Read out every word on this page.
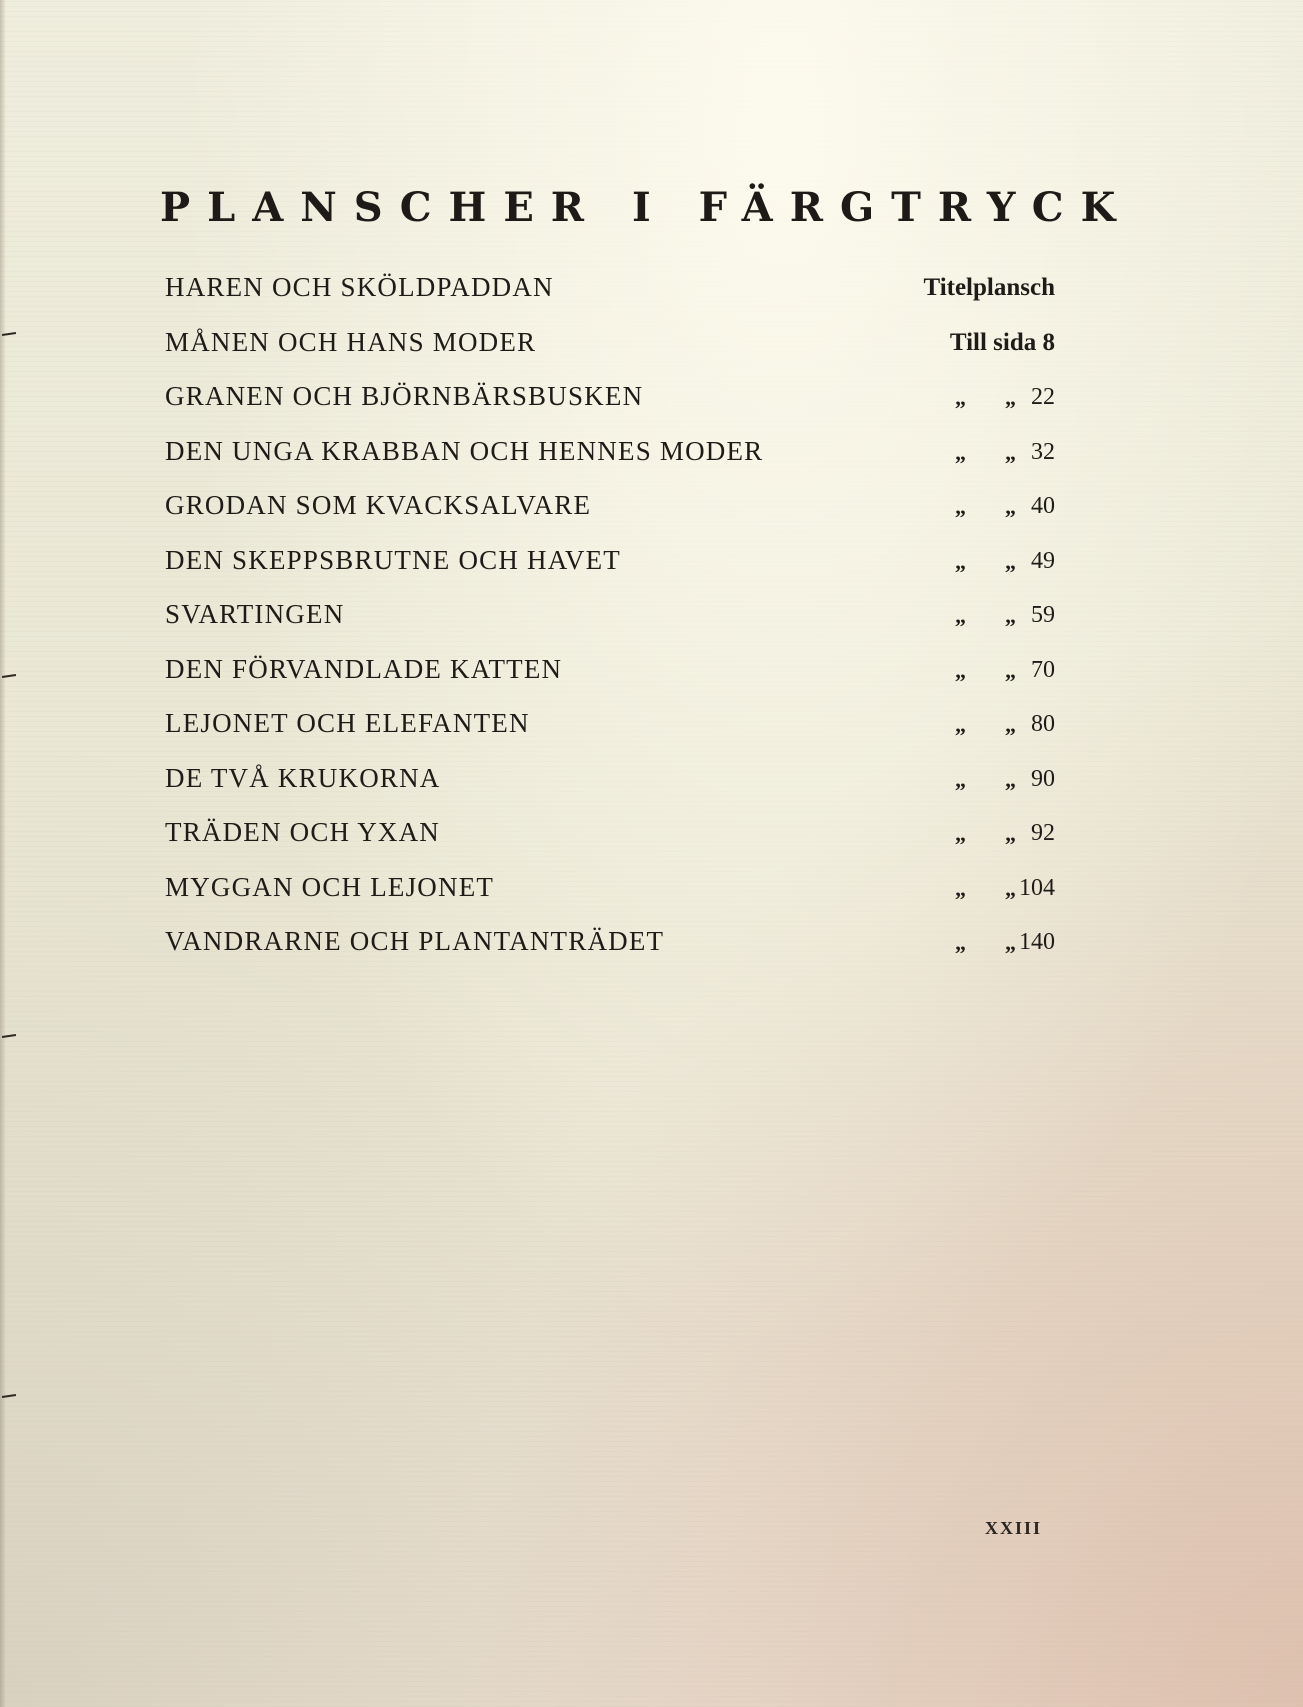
PLANSCHER I FÄRGTRYCK
HAREN OCH SKÖLDPADDAN	Titelplansch
MÅNEN OCH HANS MODER	Till sida 8
GRANEN OCH BJÖRNBÄRSBUSKEN	„ „ 22
DEN UNGA KRABBAN OCH HENNES MODER	„ „ 32
GRODAN SOM KVACKSALVARE	„ „ 40
DEN SKEPPSBRUTNE OCH HAVET	„ „ 49
SVARTINGEN	„ „ 59
DEN FÖRVANDLADE KATTEN	„ „ 70
LEJONET OCH ELEFANTEN	„ „ 80
DE TVÅ KRUKORNA	„ „ 90
TRÄDEN OCH YXAN	„ „ 92
MYGGAN OCH LEJONET	„ „ 104
VANDRARNE OCH PLANTANTRÄDET	„ „ 140
XXIII
